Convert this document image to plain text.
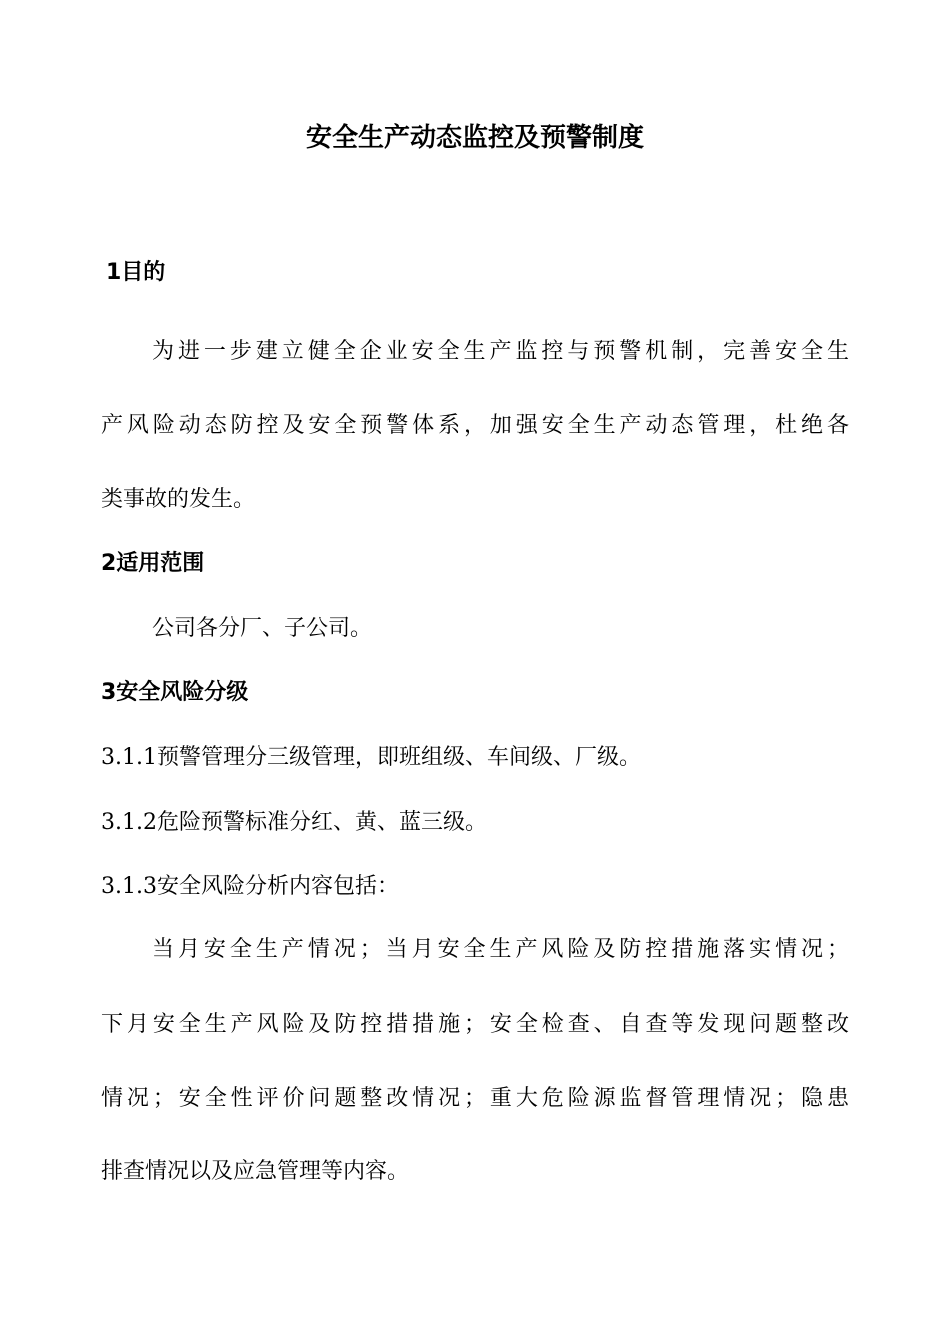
安全生产动态监控及预警制度
1目的
为进一步建立健全企业安全生产监控与预警机制，完善安全生
产风险动态防控及安全预警体系，加强安全生产动态管理，杜绝各
类事故的发生。
2适用范围
公司各分厂、子公司。
3安全风险分级
3.1.1预警管理分三级管理，即班组级、车间级、厂级。
3.1.2危险预警标准分红、黄、蓝三级。
3.1.3安全风险分析内容包括：
当月安全生产情况；当月安全生产风险及防控措施落实情况；
下月安全生产风险及防控措措施；安全检查、自查等发现问题整改
情况；安全性评价问题整改情况；重大危险源监督管理情况；隐患
排查情况以及应急管理等内容。
